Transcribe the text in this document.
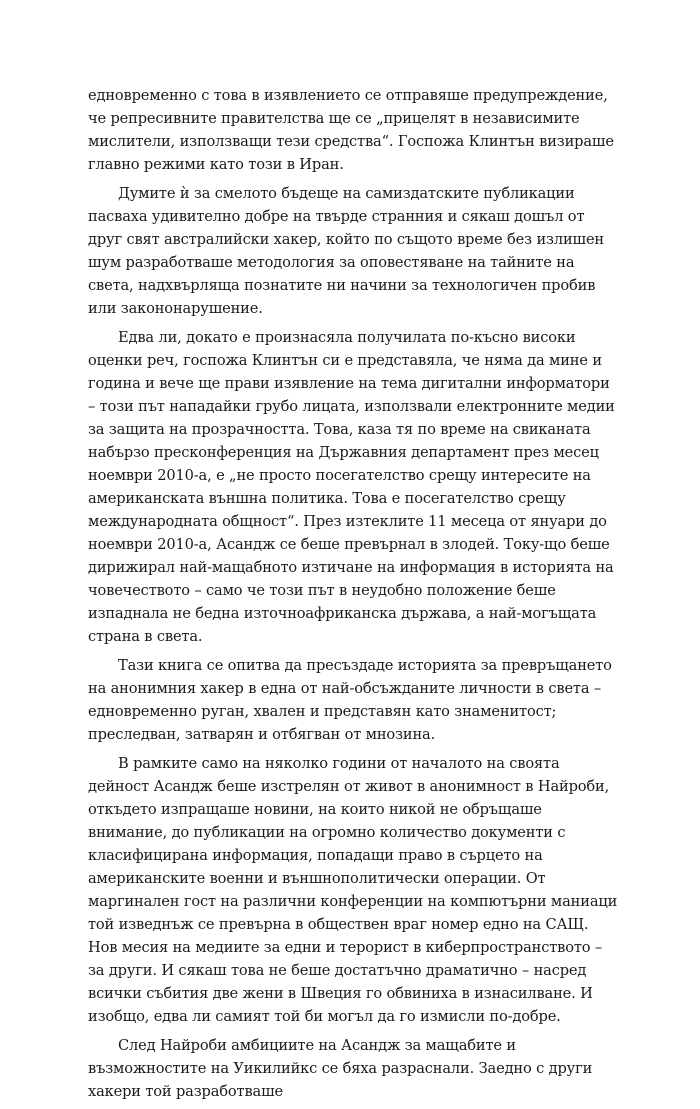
едновременно с това в изявлението се отправяше предупреждение, че репресивните правителства ще се „прицелят в независимите мислители, използващи тези средства“. Госпожа Клинтън визираше главно режими като този в Иран.

Думите ѝ за смелото бъдеще на самиздатските публикации пасваха удивително добре на твърде странния и сякаш дошъл от друг свят австралийски хакер, който по същото време без излишен шум разработваше методология за оповестяване на тайните на света, надхвърляща познатите ни начини за технологичен пробив или закононарушение.

Едва ли, докато е произнасяла получилата по-късно високи оценки реч, госпожа Клинтън си е представяла, че няма да мине и година и вече ще прави изявление на тема дигитални информатори – този път нападайки грубо лицата, използвали електронните медии за защита на прозрачността. Това, каза тя по време на свиканата набързо пресконференция на Държавния департамент през месец ноември 2010-а, е „не просто посегателство срещу интересите на американската външна политика. Това е посегателство срещу международната общност“. През изтеклите 11 месеца от януари до ноември 2010-а, Асандж се беше превърнал в злодей. Току-що беше дирижирал най-мащабното изтичане на информация в историята на човечеството – само че този път в неудобно положение беше изпаднала не бедна източноафриканска държава, а най-могъщата страна в света.

Тази книга се опитва да пресъздаде историята за превръщането на анонимния хакер в една от най-обсъжданите личности в света – едновременно руган, хвален и представян като знаменитост; преследван, затварян и отбягван от мнозина.

В рамките само на няколко години от началото на своята дейност Асандж беше изстрелян от живот в анонимност в Найроби, откъдето изпращаше новини, на които никой не обръщаше внимание, до публикации на огромно количество документи с класифицирана информация, попадащи право в сърцето на американските военни и външнополитически операции. От маргинален гост на различни конференции на компютърни маниаци той изведнъж се превърна в обществен враг номер едно на САЩ. Нов месия на медиите за едни и терорист в киберпространството – за други. И сякаш това не беше достатъчно драматично – насред всички събития две жени в Швеция го обвиниха в изнасилване. И изобщо, едва ли самият той би могъл да го измисли по-добре.

След Найроби амбициите на Асандж за мащабите и възможностите на Уикилийкс се бяха разраснали. Заедно с други хакери той разработваше
